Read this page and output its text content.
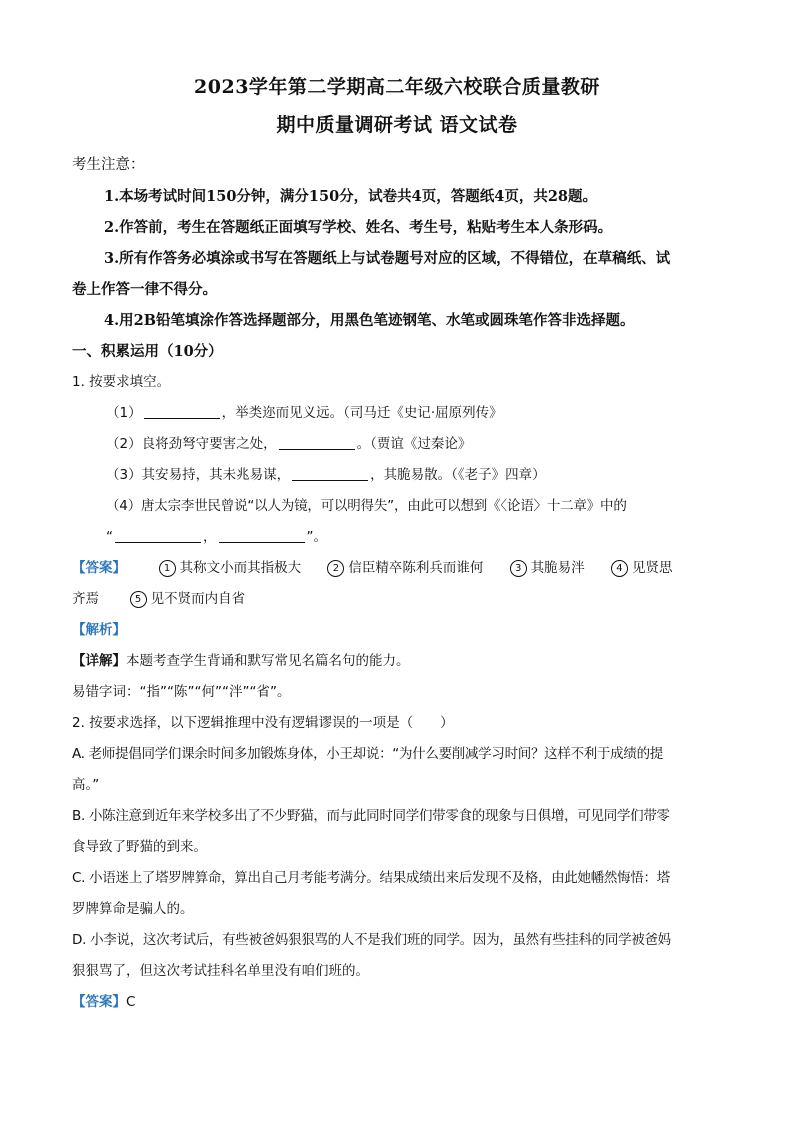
2023学年第二学期高二年级六校联合质量教研
期中质量调研考试 语文试卷

考生注意：

1.本场考试时间150分钟，满分150分，试卷共4页，答题纸4页，共28题。

2.作答前，考生在答题纸正面填写学校、姓名、考生号，粘贴考生本人条形码。

3.所有作答务必填涂或书写在答题纸上与试卷题号对应的区域，不得错位，在草稿纸、试

卷上作答一律不得分。

4.用2B铅笔填涂作答选择题部分，用黑色笔迹钢笔、水笔或圆珠笔作答非选择题。

一、积累运用（10分）

1. 按要求填空。

（1）	，举类迩而见义远。（司马迁《史记·屈原列传》

（2）良将劲弩守要害之处，	。（贾谊《过秦论》

（3）其安易持，其未兆易谋，	，其脆易散。（《老子》四章）

（4）唐太宗李世民曾说“以人为镜，可以明得失”，由此可以想到《〈论语〉十二章》中的

“	，	”。

【答案】	1 其称文小而其指极大	2 信臣精卒陈利兵而谁何	3 其脆易泮	4 见贤思

齐焉	5 见不贤而内自省

【解析】

【详解】本题考查学生背诵和默写常见名篇名句的能力。

易错字词：“指”“陈”“何”“泮”“省”。

2. 按要求选择，以下逻辑推理中没有逻辑谬误的一项是（　　）

A. 老师提倡同学们课余时间多加锻炼身体，小王却说：“为什么要削减学习时间？这样不利于成绩的提

高。”

B. 小陈注意到近年来学校多出了不少野猫，而与此同时同学们带零食的现象与日俱增，可见同学们带零

食导致了野猫的到来。

C. 小语迷上了塔罗牌算命，算出自己月考能考满分。结果成绩出来后发现不及格，由此她幡然悔悟：塔

罗牌算命是骗人的。

D. 小李说，这次考试后，有些被爸妈狠狠骂的人不是我们班的同学。因为，虽然有些挂科的同学被爸妈

狠狠骂了，但这次考试挂科名单里没有咱们班的。

【答案】C
